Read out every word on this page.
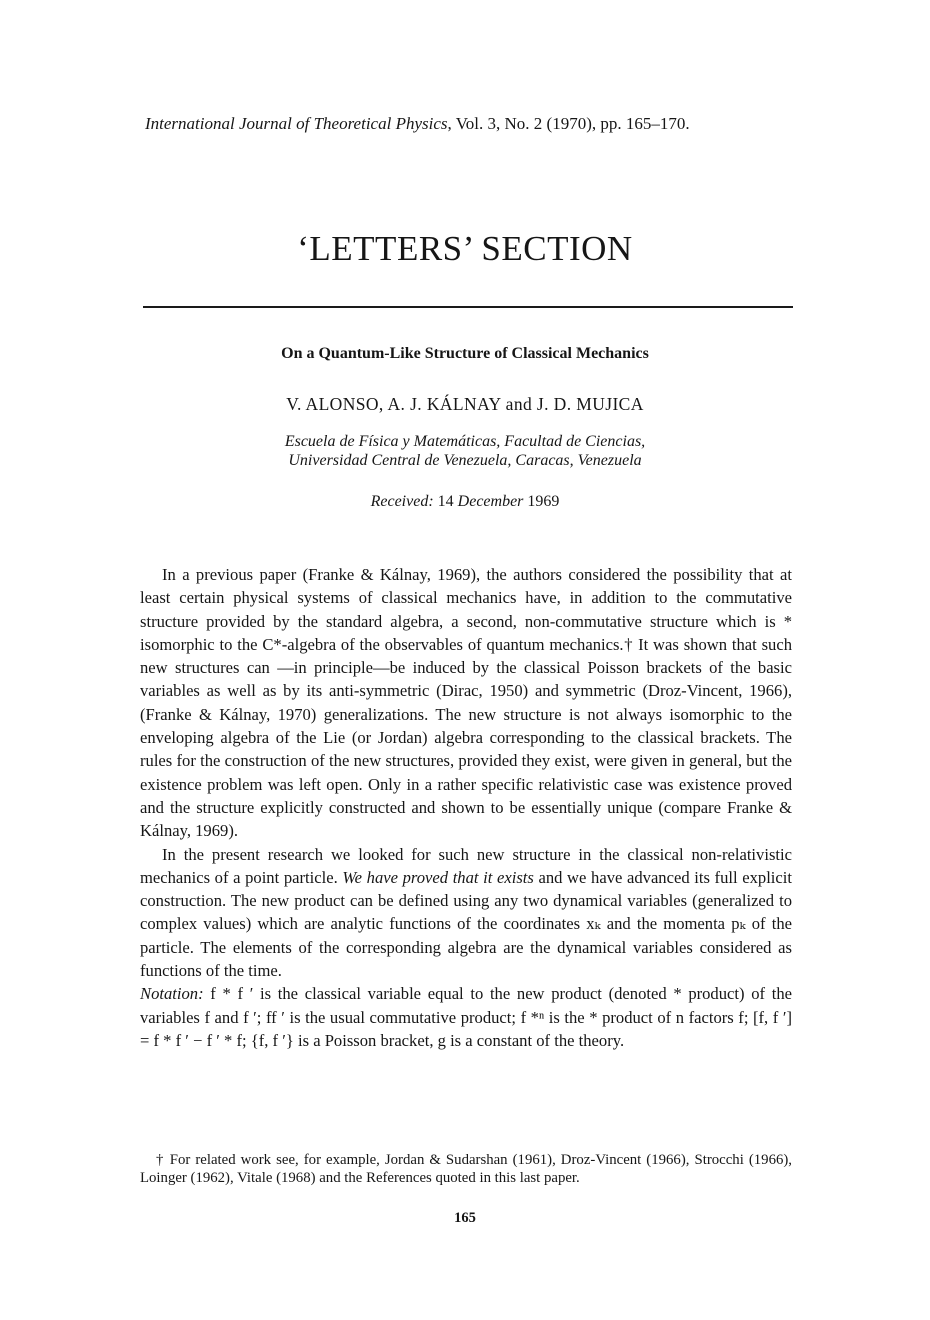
International Journal of Theoretical Physics, Vol. 3, No. 2 (1970), pp. 165–170.
‘LETTERS’ SECTION
On a Quantum-Like Structure of Classical Mechanics
V. ALONSO, A. J. KÁLNAY and J. D. MUJICA
Escuela de Física y Matemáticas, Facultad de Ciencias,
Universidad Central de Venezuela, Caracas, Venezuela
Received: 14 December 1969

In a previous paper (Franke & Kálnay, 1969), the authors considered the possibility that at least certain physical systems of classical mechanics have, in addition to the commutative structure provided by the standard algebra, a second, non-commutative structure which is * isomorphic to the C*-algebra of the observables of quantum mechanics.† It was shown that such new structures can —in principle—be induced by the classical Poisson brackets of the basic variables as well as by its anti-symmetric (Dirac, 1950) and symmetric (Droz-Vincent, 1966), (Franke & Kálnay, 1970) generalizations. The new structure is not always isomorphic to the enveloping algebra of the Lie (or Jordan) algebra corresponding to the classical brackets. The rules for the construction of the new structures, provided they exist, were given in general, but the existence problem was left open. Only in a rather specific relativistic case was existence proved and the structure explicitly constructed and shown to be essentially unique (compare Franke & Kálnay, 1969).

In the present research we looked for such new structure in the classical non-relativistic mechanics of a point particle. We have proved that it exists and we have advanced its full explicit construction. The new product can be defined using any two dynamical variables (generalized to complex values) which are analytic functions of the coordinates xₖ and the momenta pₖ of the particle. The elements of the corresponding algebra are the dynamical variables considered as functions of the time.

Notation: f * f ′ is the classical variable equal to the new product (denoted * product) of the variables f and f ′; ff ′ is the usual commutative product; f *ⁿ is the * product of n factors f; [f, f ′] = f * f ′ − f ′ * f; {f, f ′} is a Poisson bracket, g is a constant of the theory.

† For related work see, for example, Jordan & Sudarshan (1961), Droz-Vincent (1966), Strocchi (1966), Loinger (1962), Vitale (1968) and the References quoted in this last paper.
165
